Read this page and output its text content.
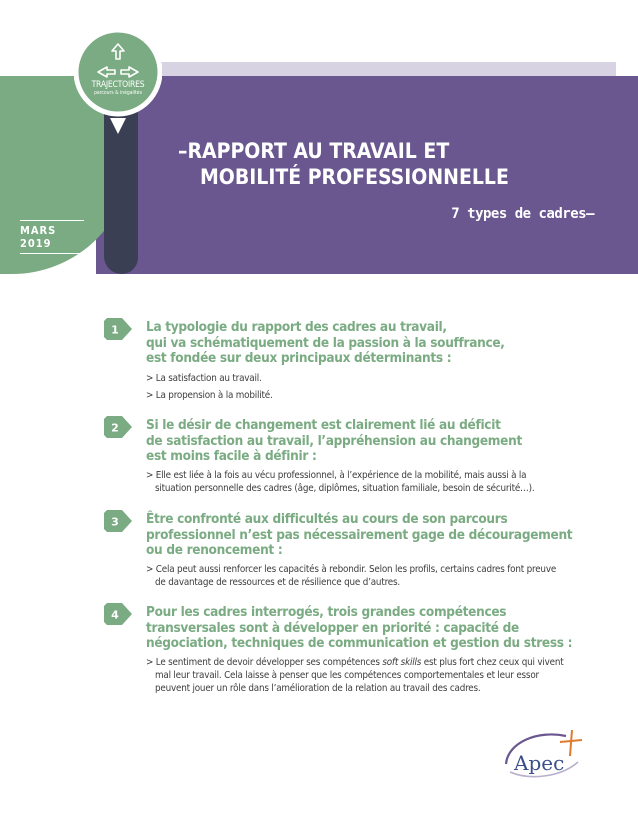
TRAJECTOIRES
parcours & inégalités
MARS 2019
–RAPPORT AU TRAVAIL ET
MOBILITÉ PROFESSIONNELLE
7 types de cadres–
1 La typologie du rapport des cadres au travail,
qui va schématiquement de la passion à la souffrance,
est fondée sur deux principaux déterminants :
> La satisfaction au travail.
> La propension à la mobilité.
2 Si le désir de changement est clairement lié au déficit
de satisfaction au travail, l’appréhension au changement
est moins facile à définir :
> Elle est liée à la fois au vécu professionnel, à l’expérience de la mobilité, mais aussi à la
situation personnelle des cadres (âge, diplômes, situation familiale, besoin de sécurité…).
3 Être confronté aux difficultés au cours de son parcours
professionnel n’est pas nécessairement gage de découragement
ou de renoncement :
> Cela peut aussi renforcer les capacités à rebondir. Selon les profils, certains cadres font preuve
de davantage de ressources et de résilience que d’autres.
4 Pour les cadres interrogés, trois grandes compétences
transversales sont à développer en priorité : capacité de
négociation, techniques de communication et gestion du stress :
> Le sentiment de devoir développer ses compétences soft skills est plus fort chez ceux qui vivent
mal leur travail. Cela laisse à penser que les compétences comportementales et leur essor
peuvent jouer un rôle dans l’amélioration de la relation au travail des cadres.
Apec
